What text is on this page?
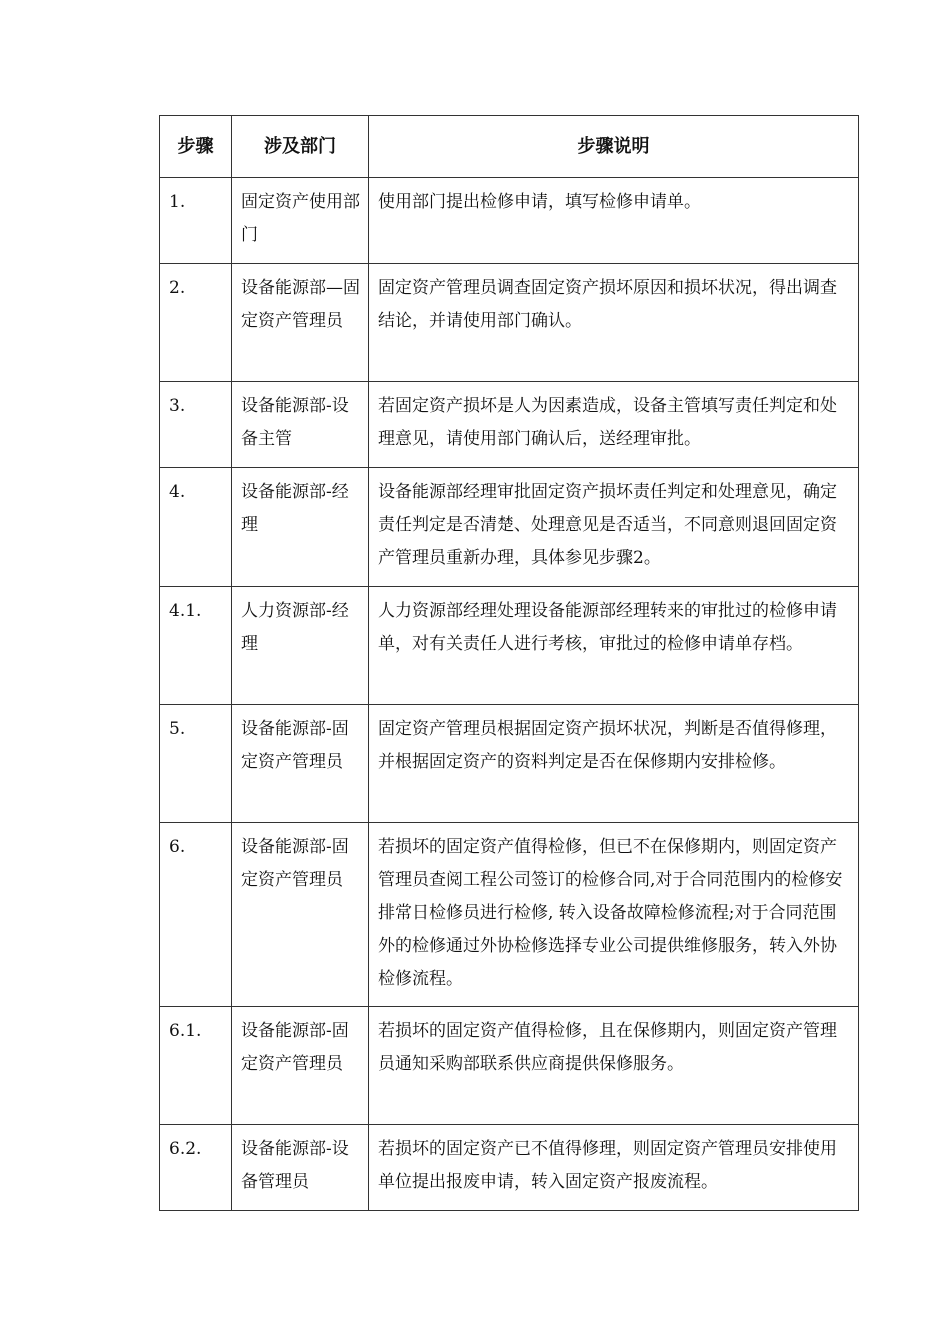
步骤	涉及部门	步骤说明
1.	固定资产使用部门	使用部门提出检修申请，填写检修申请单。
2.	设备能源部—固定资产管理员	固定资产管理员调查固定资产损坏原因和损坏状况，得出调查结论，并请使用部门确认。
3.	设备能源部-设备主管	若固定资产损坏是人为因素造成，设备主管填写责任判定和处理意见，请使用部门确认后，送经理审批。
4.	设备能源部-经理	设备能源部经理审批固定资产损坏责任判定和处理意见，确定责任判定是否清楚、处理意见是否适当，不同意则退回固定资产管理员重新办理，具体参见步骤2。
4.1.	人力资源部-经理	人力资源部经理处理设备能源部经理转来的审批过的检修申请单，对有关责任人进行考核，审批过的检修申请单存档。
5.	设备能源部-固定资产管理员	固定资产管理员根据固定资产损坏状况，判断是否值得修理，并根据固定资产的资料判定是否在保修期内安排检修。
6.	设备能源部-固定资产管理员	若损坏的固定资产值得检修，但已不在保修期内，则固定资产管理员查阅工程公司签订的检修合同,对于合同范围内的检修安排常日检修员进行检修, 转入设备故障检修流程;对于合同范围外的检修通过外协检修选择专业公司提供维修服务，转入外协检修流程。
6.1.	设备能源部-固定资产管理员	若损坏的固定资产值得检修，且在保修期内，则固定资产管理员通知采购部联系供应商提供保修服务。
6.2.	设备能源部-设备管理员	若损坏的固定资产已不值得修理，则固定资产管理员安排使用单位提出报废申请，转入固定资产报废流程。
